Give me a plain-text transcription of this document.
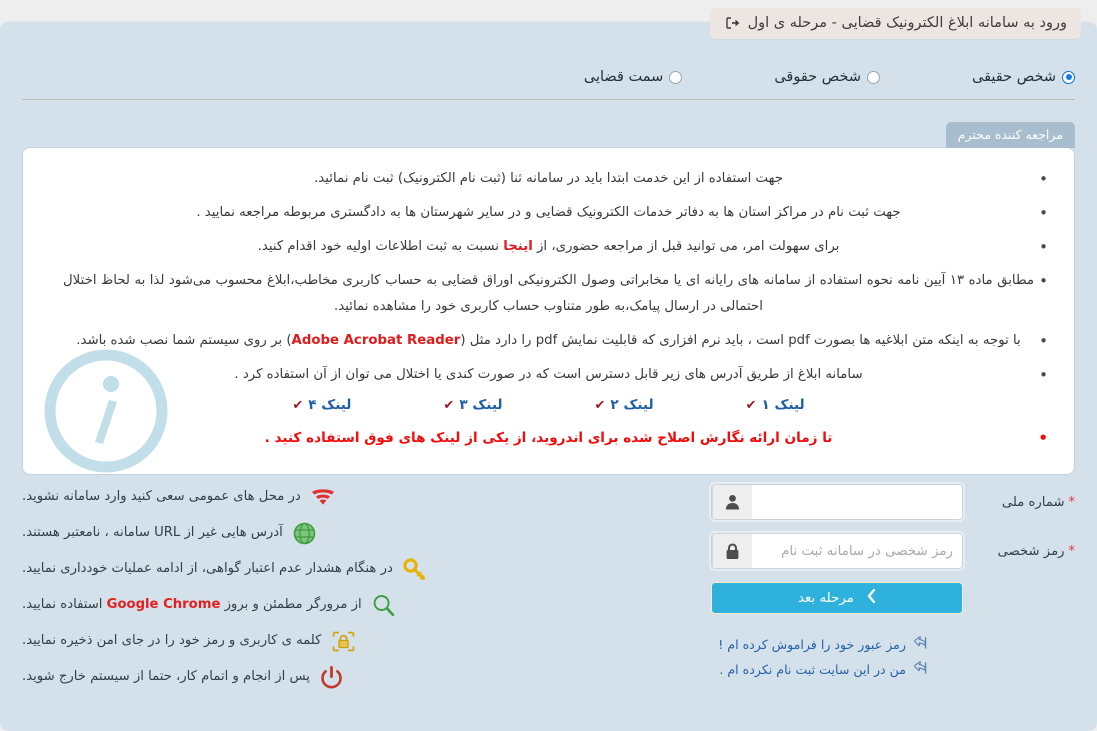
ورود به سامانه ابلاغ الکترونیک قضایی - مرحله ی اول
شخص حقیقی
شخص حقوقی
سمت قضایی
مراجعه کننده محترم
• جهت استفاده از این خدمت ابتدا باید در سامانه ثنا (ثبت نام الکترونیک) ثبت نام نمائید.
• جهت ثبت نام در مراکز استان ها به دفاتر خدمات الکترونیک قضایی و در سایر شهرستان ها به دادگستری مربوطه مراجعه نمایید .
• برای سهولت امر، می توانید قبل از مراجعه حضوری، از اینجا نسبت به ثبت اطلاعات اولیه خود اقدام کنید.
• مطابق ماده ۱۳ آیین نامه نحوه استفاده از سامانه های رایانه ای یا مخابراتی وصول الکترونیکی اوراق قضایی به حساب کاربری مخاطب،ابلاغ محسوب می‌شود لذا به لحاظ اختلال احتمالی در ارسال پیامک،به طور متناوب حساب کاربری خود را مشاهده نمائید.
• با توجه به اینکه متن ابلاغیه ها بصورت pdf است ، باید نرم افزاری که قابلیت نمایش pdf را دارد مثل (Adobe Acrobat Reader) بر روی سیستم شما نصب شده باشد.
• سامانه ابلاغ از طریق آدرس های زیر قابل دسترس است که در صورت کندی یا اختلال می توان از آن استفاده کرد .
لینک ۱
✔
لینک ۲
✔
لینک ۳
✔
لینک ۴
✔
• تا زمان ارائه نگارش اصلاح شده برای اندروید، از یکی از لینک های فوق استفاده کنید .
شماره ملی *
رمز شخصی *
مرحله بعد
رمز عبور خود را فراموش کرده ام !
من در این سایت ثبت نام نکرده ام .
در محل های عمومی سعی کنید وارد سامانه نشوید.
آدرس هایی غیر از URL سامانه ، نامعتبر هستند.
در هنگام هشدار عدم اعتبار گواهی، از ادامه عملیات خودداری نمایید.
از مرورگر مطمئن و بروز Google Chrome استفاده نمایید.
کلمه ی کاربری و رمز خود را در جای امن ذخیره نمایید.
پس از انجام و اتمام کار، حتما از سیستم خارج شوید.
